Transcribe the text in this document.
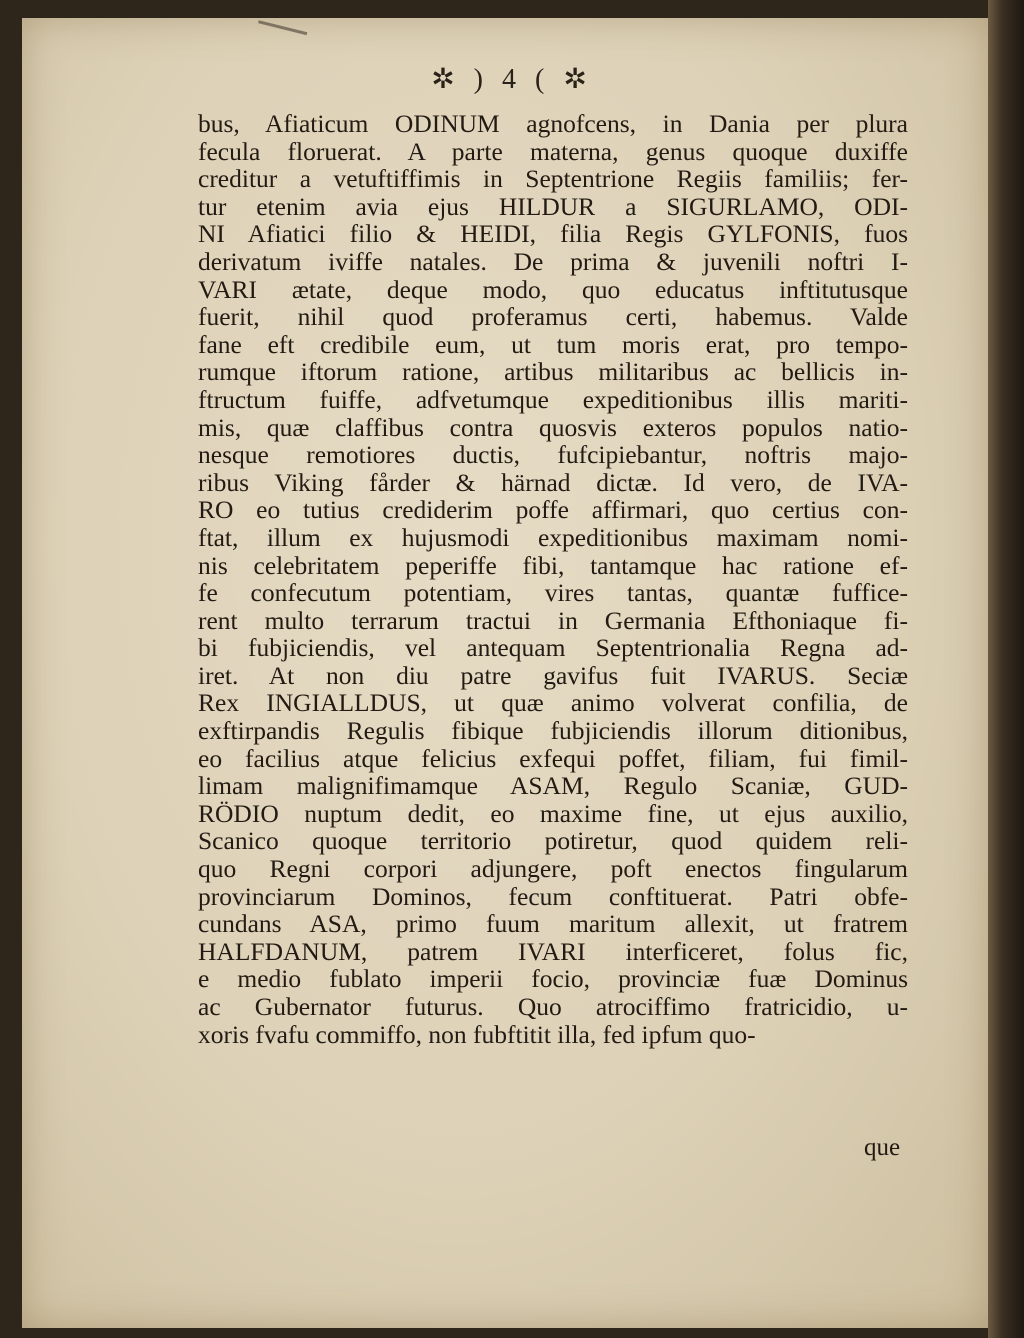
✲ ) 4 ( ✲
bus, Afiaticum ODINUM agnofcens, in Dania per plura
fecula floruerat. A parte materna, genus quoque duxiffe
creditur a vetuftiffimis in Septentrione Regiis familiis; fer-
tur etenim avia ejus HILDUR a SIGURLAMO, ODI-
NI Afiatici filio & HEIDI, filia Regis GYLFONIS, fuos
derivatum iviffe natales. De prima & juvenili noftri I-
VARI ætate, deque modo, quo educatus inftitutusque
fuerit, nihil quod proferamus certi, habemus. Valde
fane eft credibile eum, ut tum moris erat, pro tempo-
rumque iftorum ratione, artibus militaribus ac bellicis in-
ftructum fuiffe, adfvetumque expeditionibus illis mariti-
mis, quæ claffibus contra quosvis exteros populos natio-
nesque remotiores ductis, fufcipiebantur, noftris majo-
ribus Viking fårder & härnad dictæ. Id vero, de IVA-
RO eo tutius crediderim poffe affirmari, quo certius con-
ftat, illum ex hujusmodi expeditionibus maximam nomi-
nis celebritatem peperiffe fibi, tantamque hac ratione ef-
fe confecutum potentiam, vires tantas, quantæ fuffice-
rent multo terrarum tractui in Germania Efthoniaque fi-
bi fubjiciendis, vel antequam Septentrionalia Regna ad-
iret. At non diu patre gavifus fuit IVARUS. Seciæ
Rex INGIALLDUS, ut quæ animo volverat confilia, de
exftirpandis Regulis fibique fubjiciendis illorum ditionibus,
eo facilius atque felicius exfequi poffet, filiam, fui fimil-
limam malignifimamque ASAM, Regulo Scaniæ, GUD-
RÖDIO nuptum dedit, eo maxime fine, ut ejus auxilio,
Scanico quoque territorio potiretur, quod quidem reli-
quo Regni corpori adjungere, poft enectos fingularum
provinciarum Dominos, fecum conftituerat. Patri obfe-
cundans ASA, primo fuum maritum allexit, ut fratrem
HALFDANUM, patrem IVARI interficeret, folus fic,
e medio fublato imperii focio, provinciæ fuæ Dominus
ac Gubernator futurus. Quo atrociffimo fratricidio, u-
xoris fvafu commiffo, non fubftitit illa, fed ipfum quo-
que
